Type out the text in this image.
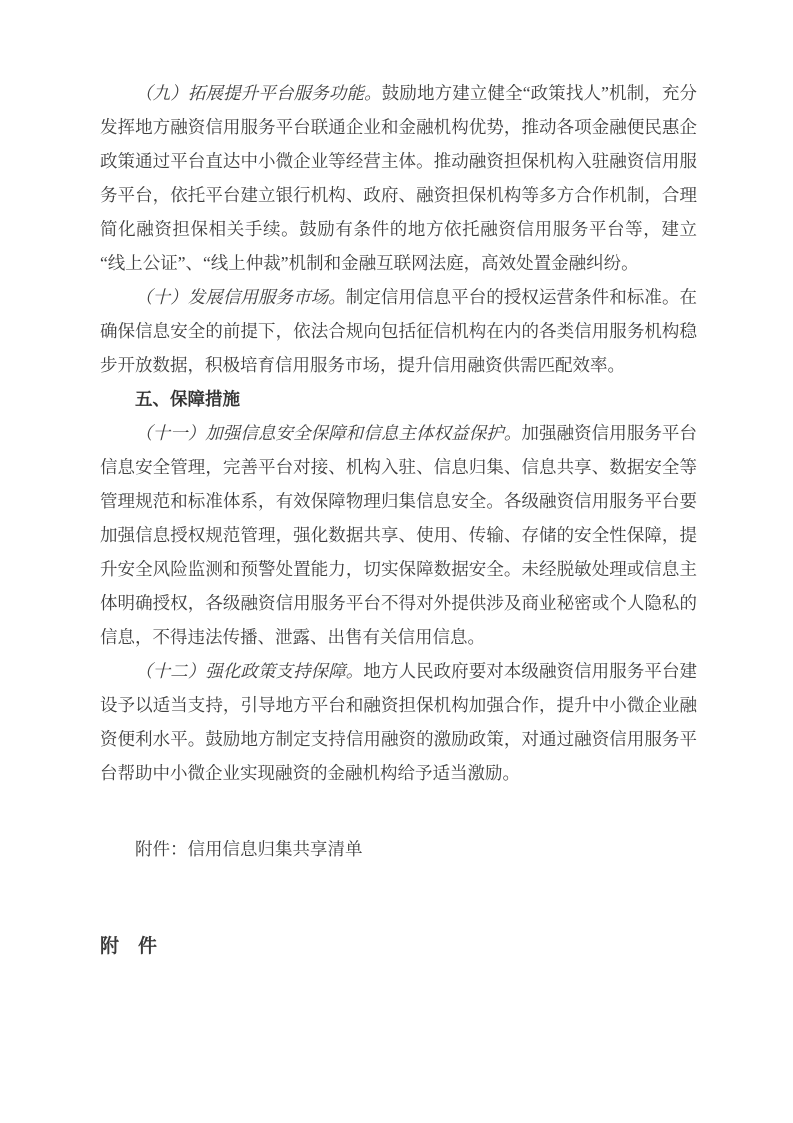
（九）拓展提升平台服务功能。鼓励地方建立健全“政策找人”机制，充分发挥地方融资信用服务平台联通企业和金融机构优势，推动各项金融便民惠企政策通过平台直达中小微企业等经营主体。推动融资担保机构入驻融资信用服务平台，依托平台建立银行机构、政府、融资担保机构等多方合作机制，合理简化融资担保相关手续。鼓励有条件的地方依托融资信用服务平台等，建立“线上公证”、“线上仲裁”机制和金融互联网法庭，高效处置金融纠纷。

（十）发展信用服务市场。制定信用信息平台的授权运营条件和标准。在确保信息安全的前提下，依法合规向包括征信机构在内的各类信用服务机构稳步开放数据，积极培育信用服务市场，提升信用融资供需匹配效率。

五、保障措施

（十一）加强信息安全保障和信息主体权益保护。加强融资信用服务平台信息安全管理，完善平台对接、机构入驻、信息归集、信息共享、数据安全等管理规范和标准体系，有效保障物理归集信息安全。各级融资信用服务平台要加强信息授权规范管理，强化数据共享、使用、传输、存储的安全性保障，提升安全风险监测和预警处置能力，切实保障数据安全。未经脱敏处理或信息主体明确授权，各级融资信用服务平台不得对外提供涉及商业秘密或个人隐私的信息，不得违法传播、泄露、出售有关信用信息。

（十二）强化政策支持保障。地方人民政府要对本级融资信用服务平台建设予以适当支持，引导地方平台和融资担保机构加强合作，提升中小微企业融资便利水平。鼓励地方制定支持信用融资的激励政策，对通过融资信用服务平台帮助中小微企业实现融资的金融机构给予适当激励。

附件：信用信息归集共享清单

附　件
